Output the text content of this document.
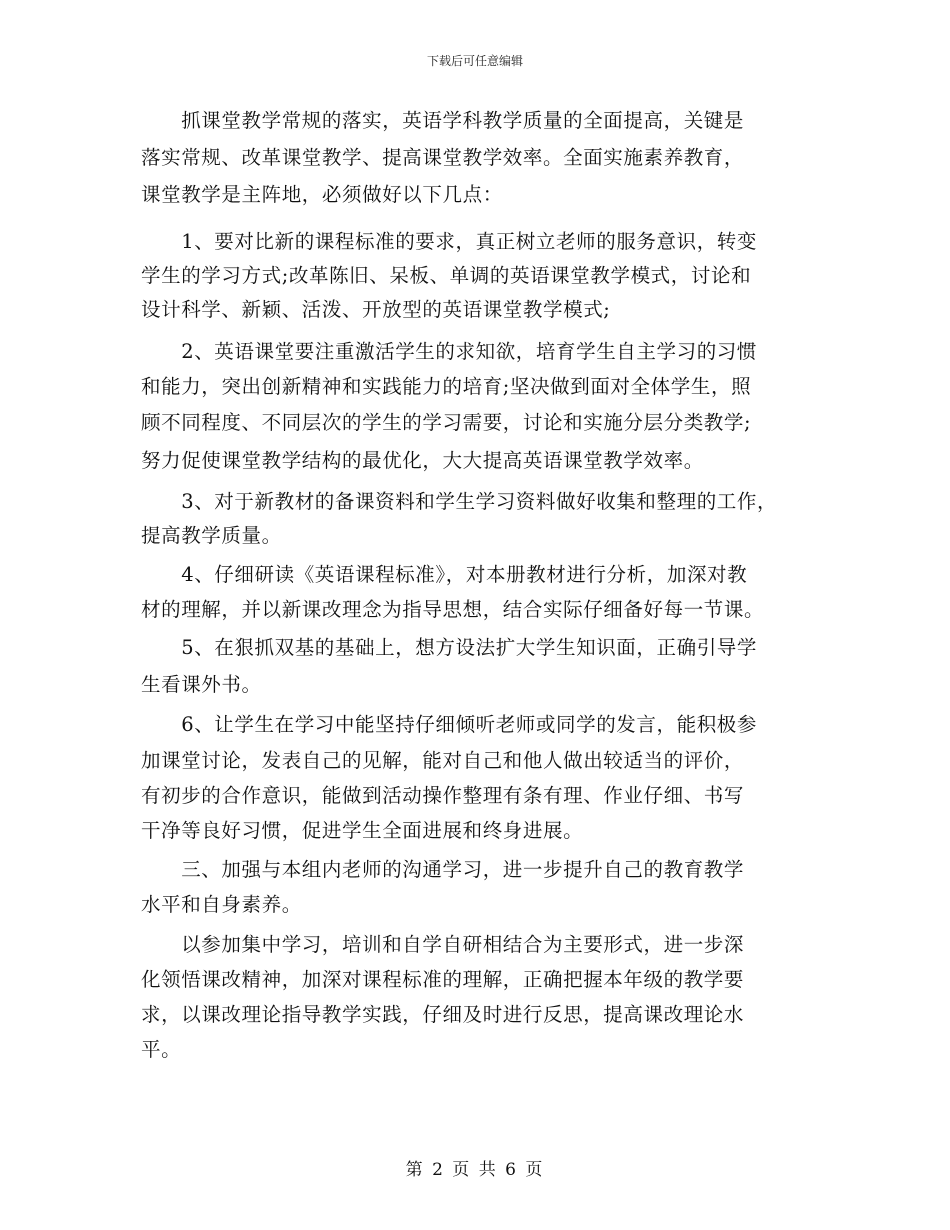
下载后可任意编辑
　　抓课堂教学常规的落实，英语学科教学质量的全面提高，关键是
落实常规、改革课堂教学、提高课堂教学效率。全面实施素养教育，
课堂教学是主阵地，必须做好以下几点：
　　1、要对比新的课程标准的要求，真正树立老师的服务意识，转变
学生的学习方式;改革陈旧、呆板、单调的英语课堂教学模式，讨论和
设计科学、新颖、活泼、开放型的英语课堂教学模式;
　　2、英语课堂要注重激活学生的求知欲，培育学生自主学习的习惯
和能力，突出创新精神和实践能力的培育;坚决做到面对全体学生，照
顾不同程度、不同层次的学生的学习需要，讨论和实施分层分类教学;
努力促使课堂教学结构的最优化，大大提高英语课堂教学效率。
　　3、对于新教材的备课资料和学生学习资料做好收集和整理的工作，
提高教学质量。
　　4、仔细研读《英语课程标准》，对本册教材进行分析，加深对教
材的理解，并以新课改理念为指导思想，结合实际仔细备好每一节课。
　　5、在狠抓双基的基础上，想方设法扩大学生知识面，正确引导学
生看课外书。
　　6、让学生在学习中能坚持仔细倾听老师或同学的发言，能积极参
加课堂讨论，发表自己的见解，能对自己和他人做出较适当的评价，
有初步的合作意识，能做到活动操作整理有条有理、作业仔细、书写
干净等良好习惯，促进学生全面进展和终身进展。
　　三、加强与本组内老师的沟通学习，进一步提升自己的教育教学
水平和自身素养。
　　以参加集中学习，培训和自学自研相结合为主要形式，进一步深
化领悟课改精神，加深对课程标准的理解，正确把握本年级的教学要
求，以课改理论指导教学实践，仔细及时进行反思，提高课改理论水
平。
第 2 页 共 6 页
